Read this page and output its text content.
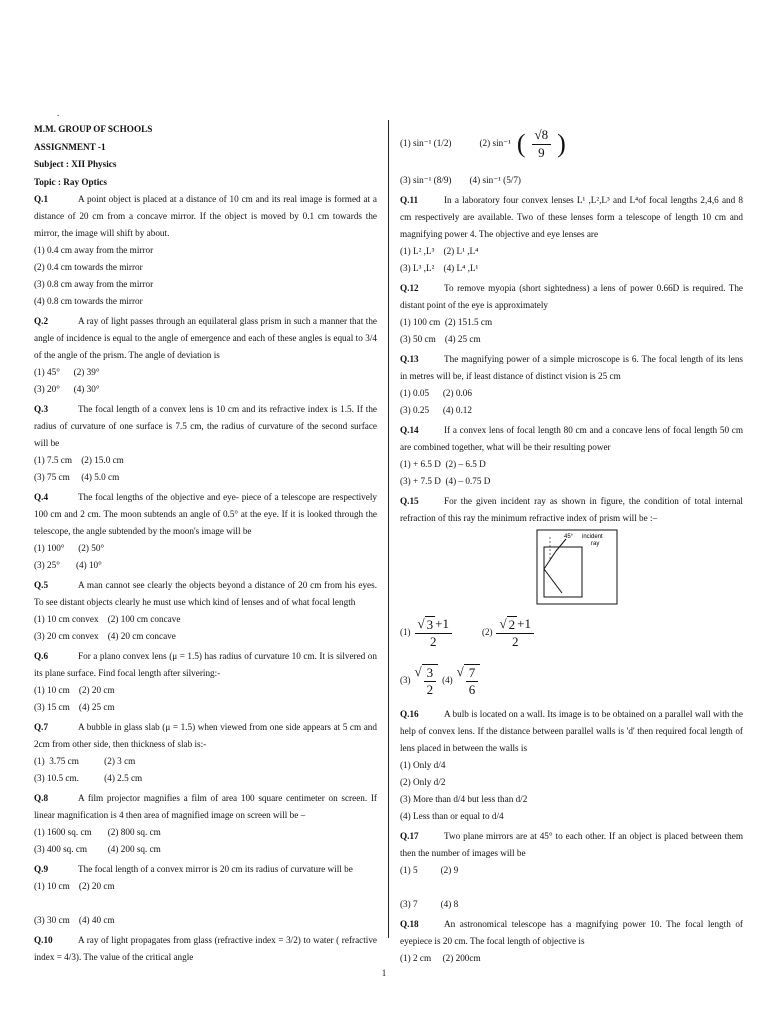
.
M.M. GROUP OF SCHOOLS
ASSIGNMENT -1
Subject : XII Physics
Topic : Ray Optics
Q.1	A point object is placed at a distance of 10 cm and its real image is formed at a distance of 20 cm from a concave mirror. If the object is moved by 0.1 cm towards the mirror, the image will shift by about.
(1) 0.4 cm away from the mirror
(2) 0.4 cm towards the mirror
(3) 0.8 cm away from the mirror
(4) 0.8 cm towards the mirror
Q.2	A ray of light passes through an equilateral glass prism in such a manner that the angle of incidence is equal to the angle of emergence and each of these angles is equal to 3/4 of the angle of the prism. The angle of deviation is
(1) 45°      (2) 39°
(3) 20°      (4) 30°
Q.3	The focal length of a convex lens is 10 cm and its refractive index is 1.5. If the radius of curvature of one surface is 7.5 cm, the radius of curvature of the second surface will be
(1) 7.5 cm    (2) 15.0 cm
(3) 75 cm     (4) 5.0 cm
Q.4	The focal lengths of the objective and eye- piece of a telescope are respectively 100 cm and 2 cm. The moon subtends an angle of 0.5° at the eye. If it is looked through the telescope, the angle subtended by the moon's image will be
(1) 100°      (2) 50°
(3) 25°       (4) 10°
Q.5	A man cannot see clearly the objects beyond a distance of 20 cm from his eyes. To see distant objects clearly he must use which kind of lenses and of what focal length
(1) 10 cm convex    (2) 100 cm concave
(3) 20 cm convex    (4) 20 cm concave
Q.6	For a plano convex lens (μ = 1.5) has radius of curvature 10 cm. It is silvered on its plane surface. Find focal length after silvering:-
(1) 10 cm    (2) 20 cm
(3) 15 cm    (4) 25 cm
Q.7	A bubble in glass slab (μ = 1.5) when viewed from one side appears at 5 cm and 2cm from other side, then thickness of slab is:-
(1)  3.75 cm           (2) 3 cm
(3) 10.5 cm.           (4) 2.5 cm
Q.8	A film projector magnifies a film of area 100 square centimeter on screen. If linear magnification is 4 then area of magnified image on screen will be –
(1) 1600 sq. cm       (2) 800 sq. cm
(3) 400 sq. cm         (4) 200 sq. cm
Q.9	The focal length of a convex mirror is 20 cm its radius of curvature will be
(1) 10 cm    (2) 20 cm
(3) 30 cm    (4) 40 cm
Q.10	A ray of light propagates from glass (refractive index = 3/2) to water ( refractive index = 4/3). The value of the critical angle
(1) sin⁻¹ (1/2)	(2) sin⁻¹ ( $\frac{√8}{9}$ )
(3) sin⁻¹ (8/9) (4) sin⁻¹ (5/7)
Q.11	In a laboratory four convex lenses L¹ ,L²,L³ and L⁴of focal lengths 2,4,6 and 8 cm respectively are available. Two of these lenses form a telescope of length 10 cm and magnifying power 4. The objective and eye lenses are
(1) L² ,L³    (2) L¹ ,L⁴
(3) L³ ,L²    (4) L⁴ ,L¹
Q.12	To remove myopia (short sightedness) a lens of power 0.66D is required. The distant point of the eye is approximately
(1) 100 cm  (2) 151.5 cm
(3) 50 cm    (4) 25 cm
Q.13	The magnifying power of a simple microscope is 6. The focal length of its lens in metres will be, if least distance of distinct vision is 25 cm
(1) 0.05      (2) 0.06
(3) 0.25      (4) 0.12
Q.14	If a convex lens of focal length 80 cm and a concave lens of focal length 50 cm are combined together, what will be their resulting power
(1) + 6.5 D  (2) – 6.5 D
(3) + 7.5 D  (4) – 0.75 D
Q.15	For the given incident ray as shown in figure, the condition of total internal refraction of this ray the minimum refractive index of prism will be :–
45° incident
ray
$(1) \frac{√ 3 +1}{2}$	$(2) \frac{√ 2 +1}{2}$
(3)
√ $\frac{3}{2} (4)$
√ $\frac{7}{6}$
Q.16	A bulb is located on a wall. Its image is to be obtained on a parallel wall with the help of convex lens. If the distance between parallel walls is 'd' then required focal length of lens placed in between the walls is
(1) Only d/4
(2) Only d/2
(3) More than d/4 but less than d/2
(4) Less than or equal to d/4
Q.17	Two plane mirrors are at 45° to each other. If an object is placed between them then the number of images will be
(1) 5          (2) 9
(3) 7          (4) 8
Q.18	An astronomical telescope has a magnifying power 10. The focal length of eyepiece is 20 cm. The focal length of objective is
(1) 2 cm     (2) 200cm
1
